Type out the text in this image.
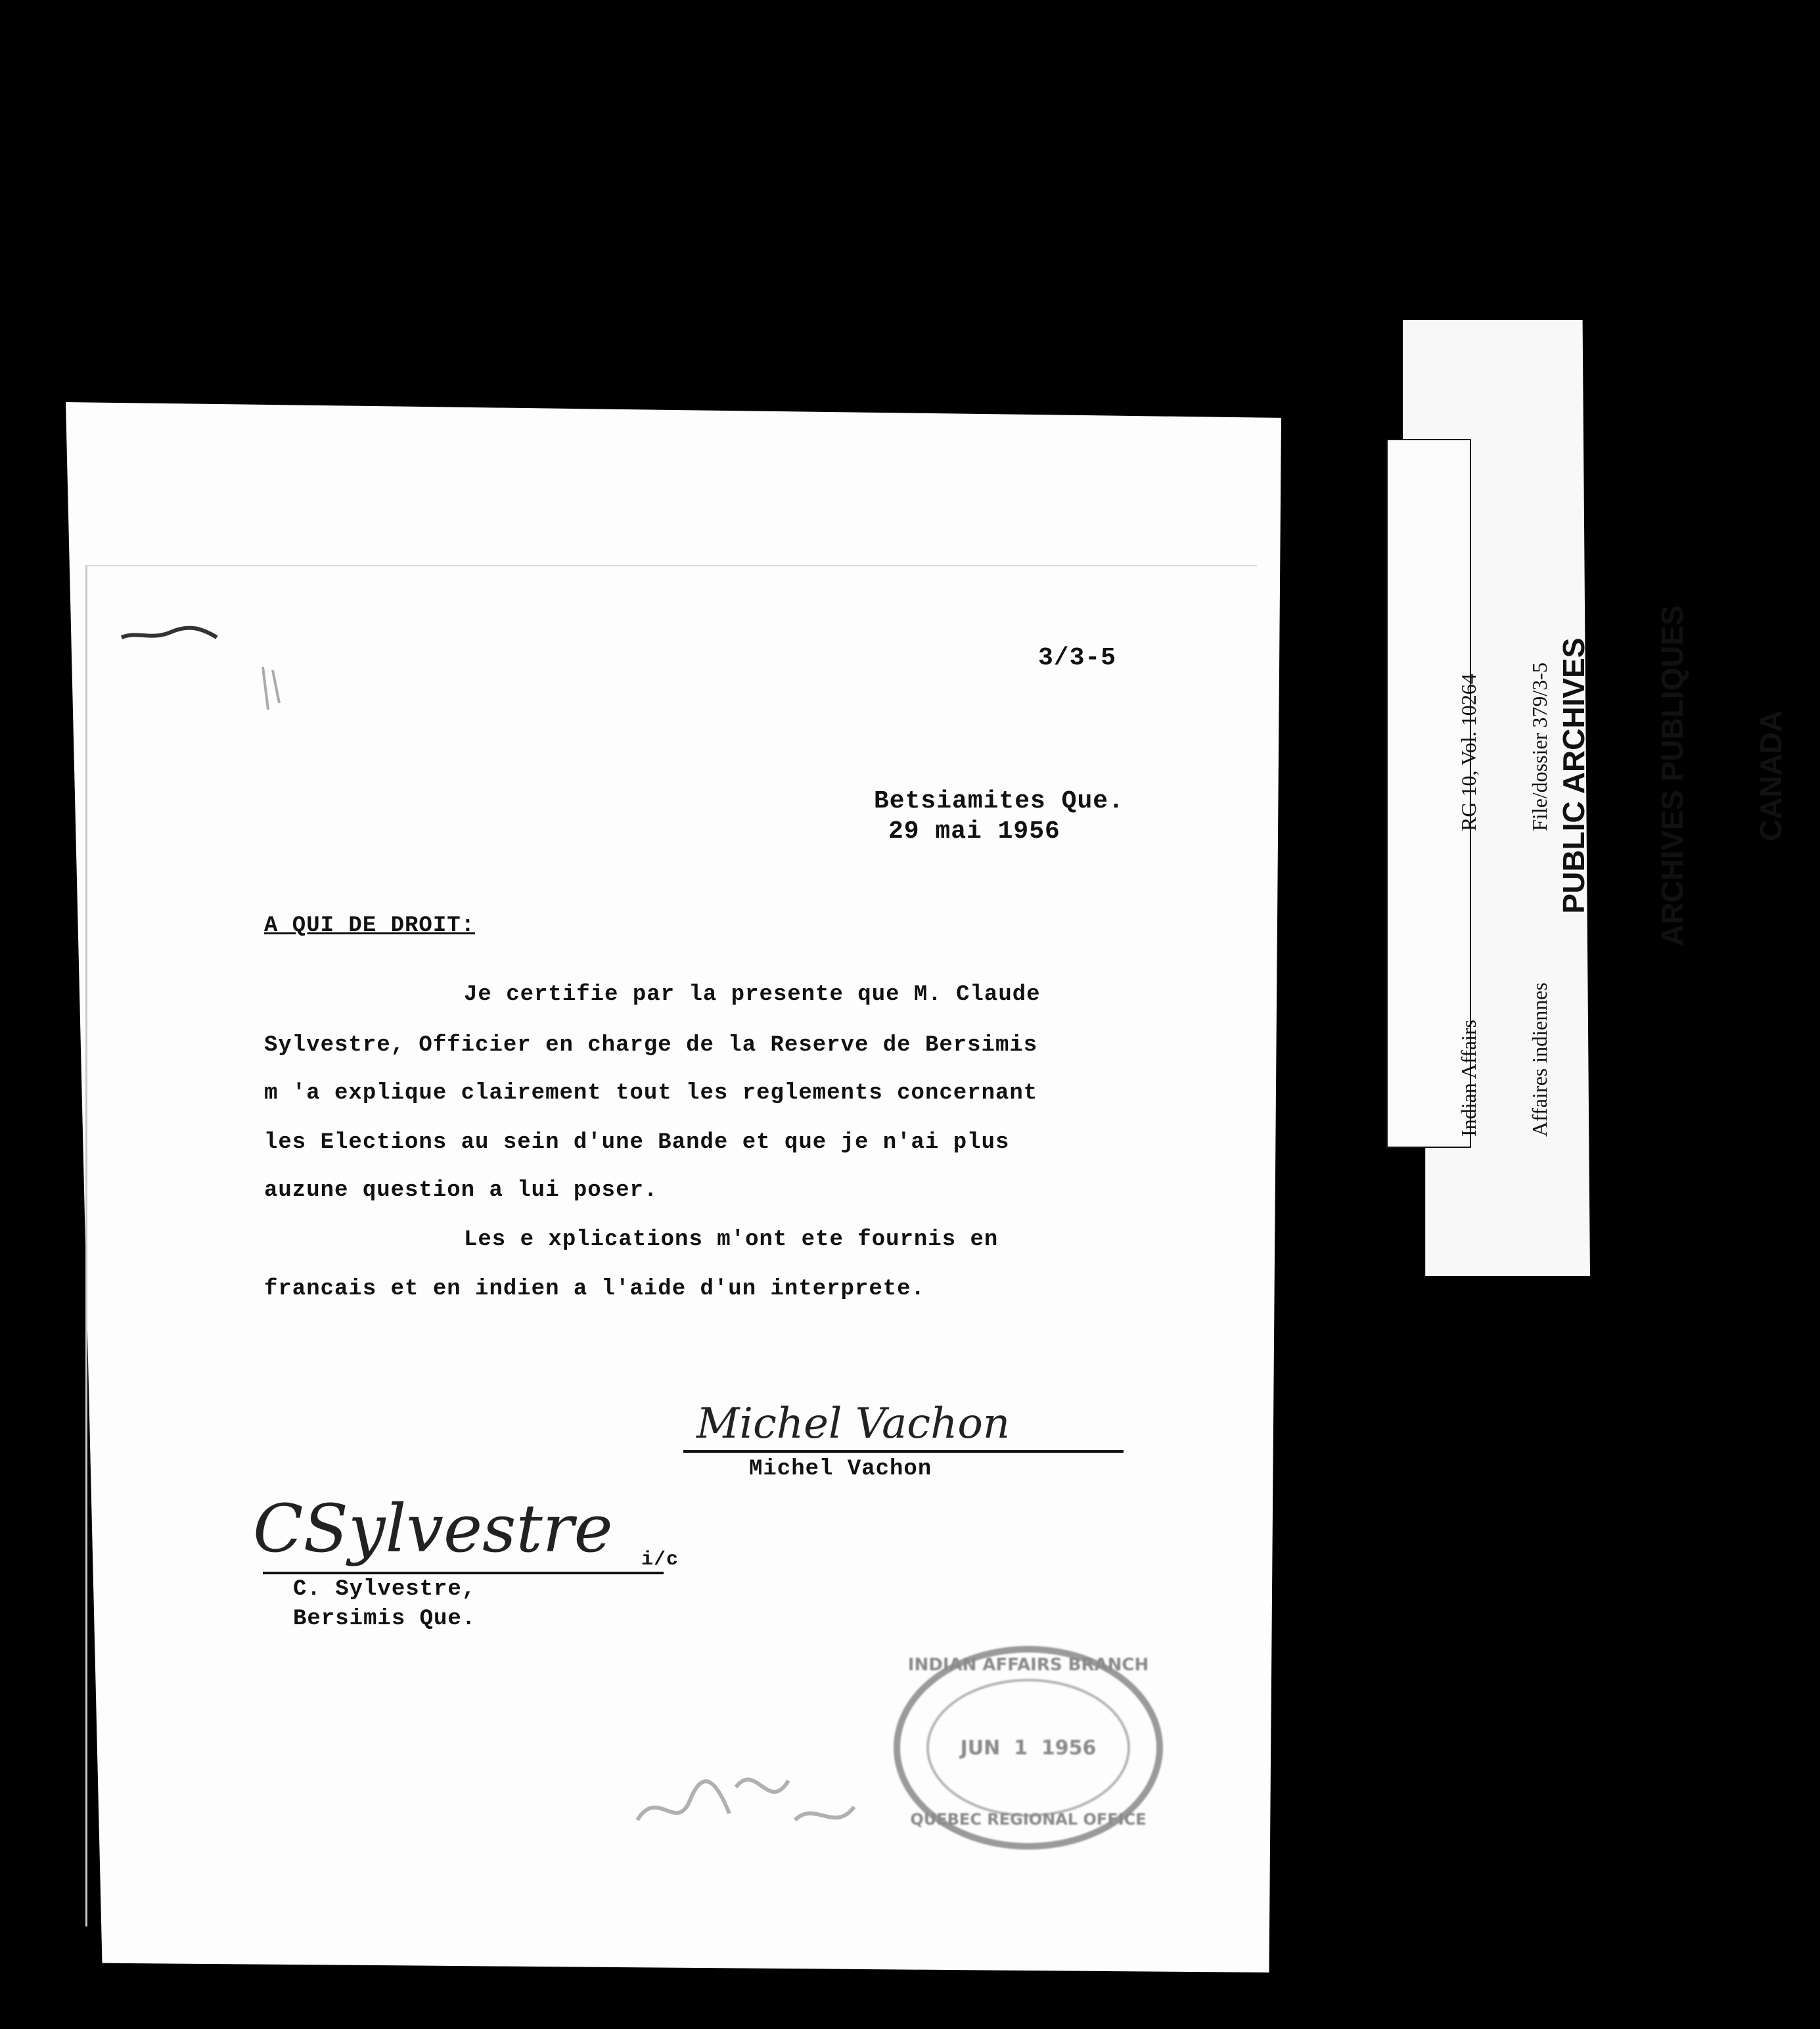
3/3-5
Betsiamites Que.
29 mai 1956
A QUI DE DROIT:
Je certifie par la presente que M. Claude
Sylvestre, Officier en charge de la Reserve de Bersimis
m 'a explique clairement tout les reglements concernant
les Elections au sein d'une Bande et que je n'ai plus
auzune question a lui poser.
Les e xplications m'ont ete fournis en
francais et en indien a l'aide d'un interprete.
Michel Vachon
Michel Vachon
CSylvestre i/c
C. Sylvestre,
Bersimis Que.
INDIAN AFFAIRS BRANCH
JUN  1  1956
QUEBEC REGIONAL OFFICE

PUBLIC ARCHIVES

ARCHIVES PUBLIQUES

CANADA

Indian Affairs

Affaires indiennes

RG 10, Vol. 10264

File/dossier 379/3-5
